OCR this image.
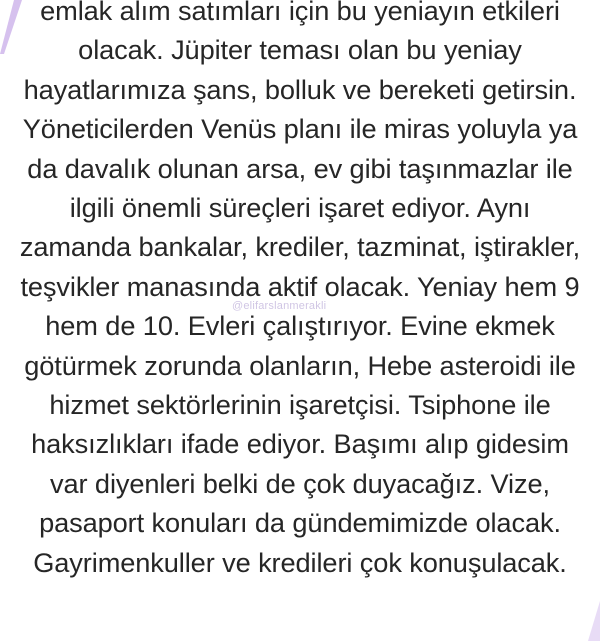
emlak alım satımları için bu yeniayın etkileri

olacak. Jüpiter teması olan bu yeniay

hayatlarımıza şans, bolluk ve bereketi getirsin.

Yöneticilerden Venüs planı ile miras yoluyla ya

da davalık olunan arsa, ev gibi taşınmazlar ile

ilgili önemli süreçleri işaret ediyor. Aynı

zamanda bankalar, krediler, tazminat, iştirakler,

teşvikler manasında aktif olacak. Yeniay hem 9

hem de 10. Evleri çalıştırıyor. Evine ekmek

götürmek zorunda olanların, Hebe asteroidi ile

hizmet sektörlerinin işaretçisi. Tsiphone ile

haksızlıkları ifade ediyor. Başımı alıp gidesim

var diyenleri belki de çok duyacağız. Vize,

pasaport konuları da gündemimizde olacak.

Gayrimenkuller ve kredileri çok konuşulacak.

@elifarslanmerakli
